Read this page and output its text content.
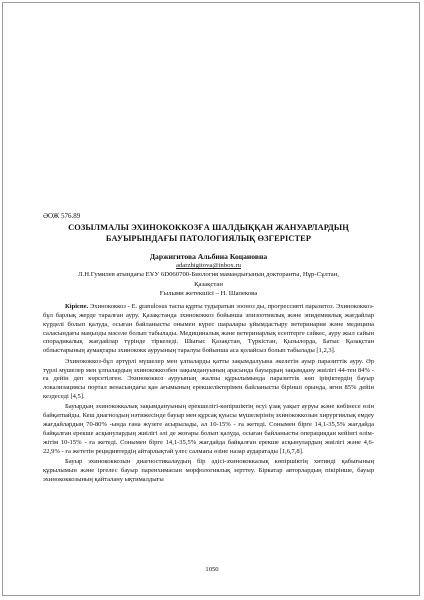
ӘОЖ 576.89
СОЗЫЛМАЛЫ ЭХИНОКОККОЗҒА ШАЛДЫҚҚАН ЖАНУАРЛАРДЫҢ
БАУЫРЫНДАҒЫ ПАТОЛОГИЯЛЫҚ ӨЗГЕРІСТЕР
Даржигитова Альбина Коцановна
adarzhigitova@inbox.ru
Л.Н.Гумилев атындағы ЕҰУ 6D060700-Биология мамандығының докторанты, Нұр-Сұлтан,
Қазақстан
Ғылыми жетекшісі – Н. Шапекова

Кіріспе. Эхинококкоз - E. granulosus таспа құрты тудыратын зооноз ды, прогрессивті паразитоз. Эхинококкоз-бұл барлық жерде таралған ауру. Қазақстанда эхинококкоз бойынша эпизоотиялық және эпидемиялық жағдайлар күрделі болып қалуда, осыған байланысты онымен күрес шаралары ұйымдастыру ветеринария және медицина саласындағы маңызды мәселе болып табылады. Медициналық және ветеринарлық есептерге сәйкес, ауру жыл сайын спорадикалық жағдайлар түрінде тіркеледі. Шығыс Қазақстан, Түркістан, Қызылорда, Батыс Қазақстан облыстарының аумақтары эхинококк ауруының таралуы бойынша аса қолайсыз болып табылады [1,2,3].

Эхинококкоз-бұл әртүрлі мүшелер мен ұлпаларды қатты зақымдалуына әкелетін ауыр паразиттік ауру. Әр түрлі мүшелер мен ұлпалардың эхинококкозбен зақымдануының арасында бауырдың зақымдану жиілігі 44-тен 84% - ға дейін деп көрсетілген. Эхинококкоз ауруының жалпы құрылымында паразиттік көп іріңіктердің бауыр локализациясы портал венасындағы қан ағымының ерекшеліктерімен байланысты бірінші орында, яғни 85% дейін кездеседі [4,5].

Бауырдың эхинококкалық зақымдануының ерекшелігі-көпіршіктің өсуі ұзақ уақыт ауруы және көбінесе өзін байқатпайды. Кеш диагноздың нәтижесінде бауыр мен құрсақ қуысы мүшелерінің эхинококкозын хирургиялық емдеу жағдайлардың 70-80% -ында ғана жүзеге асырылады, ал 10-15% - ға жетеді. Сонымен бірге 14,1-35,5% жағдайда байқалған ерекше асқынулардың жиілігі әлі де жоғары болып қалуда, осыған байланысты операциядан кейінгі өлім-жітім 10-15% - ға жетеді. Сонымен бірге 14,1-35,5% жағдайда байқалған ерекше асқынулардың жиілігі және 4,6-22,9% - ға жететін рецидивтердің айтарлықтай үлес салмағы өзіне назар аударатады [1,6,7,8].

Бауыр эхинококкозын диагностикалаудың бір әдісі-эхинококкалық көпіршіктің хитинді қабығының құрылымын және іргелес бауыр паренхимасын морфологиялық зерттеу. Біркатар авторлардың пікірінше, бауыр эхинококкозының қайталану ықтималдығы

1050
